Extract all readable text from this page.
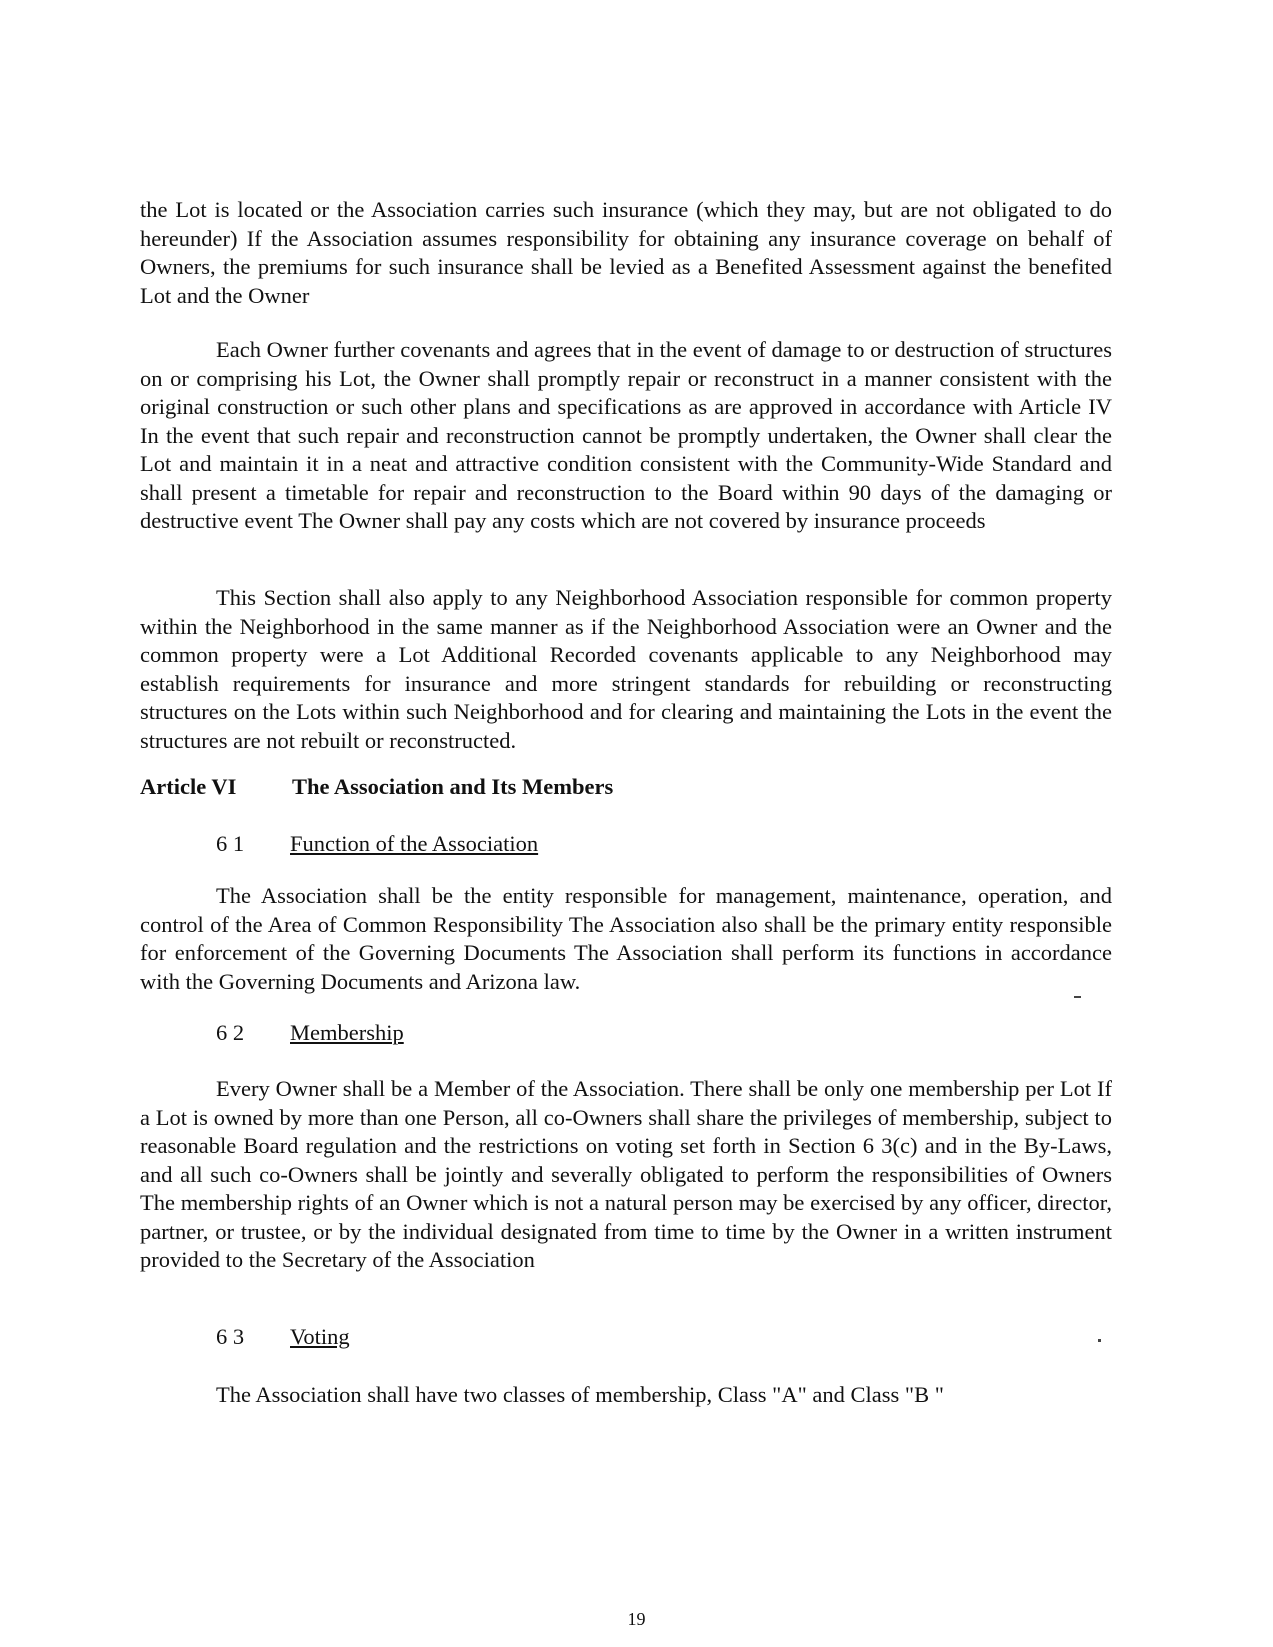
the Lot is located or the Association carries such insurance (which they may, but are not obligated to do hereunder) If the Association assumes responsibility for obtaining any insurance coverage on behalf of Owners, the premiums for such insurance shall be levied as a Benefited Assessment against the benefited Lot and the Owner

Each Owner further covenants and agrees that in the event of damage to or destruction of structures on or comprising his Lot, the Owner shall promptly repair or reconstruct in a manner consistent with the original construction or such other plans and specifications as are approved in accordance with Article IV In the event that such repair and reconstruction cannot be promptly undertaken, the Owner shall clear the Lot and maintain it in a neat and attractive condition consistent with the Community-Wide Standard and shall present a timetable for repair and reconstruction to the Board within 90 days of the damaging or destructive event The Owner shall pay any costs which are not covered by insurance proceeds

This Section shall also apply to any Neighborhood Association responsible for common property within the Neighborhood in the same manner as if the Neighborhood Association were an Owner and the common property were a Lot Additional Recorded covenants applicable to any Neighborhood may establish requirements for insurance and more stringent standards for rebuilding or reconstructing structures on the Lots within such Neighborhood and for clearing and maintaining the Lots in the event the structures are not rebuilt or reconstructed.

Article VI The Association and Its Members
6 1 Function of the Association

The Association shall be the entity responsible for management, maintenance, operation, and control of the Area of Common Responsibility The Association also shall be the primary entity responsible for enforcement of the Governing Documents The Association shall perform its functions in accordance with the Governing Documents and Arizona law.

6 2 Membership

Every Owner shall be a Member of the Association. There shall be only one membership per Lot If a Lot is owned by more than one Person, all co-Owners shall share the privileges of membership, subject to reasonable Board regulation and the restrictions on voting set forth in Section 6 3(c) and in the By-Laws, and all such co-Owners shall be jointly and severally obligated to perform the responsibilities of Owners The membership rights of an Owner which is not a natural person may be exercised by any officer, director, partner, or trustee, or by the individual designated from time to time by the Owner in a written instrument provided to the Secretary of the Association

6 3 Voting

The Association shall have two classes of membership, Class "A" and Class "B "

19
